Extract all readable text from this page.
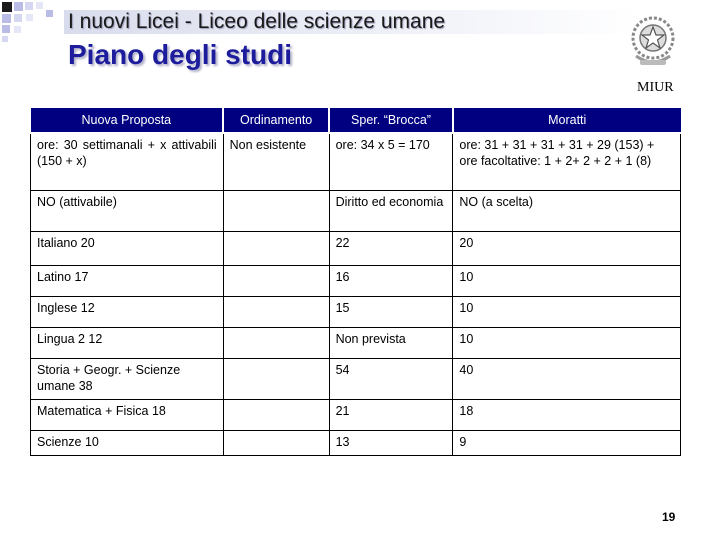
I nuovi Licei - Liceo delle scienze umane
Piano degli studi
MIUR
Nuova Proposta	Ordinamento	Sper. “Brocca”	Moratti
ore: 30 settimanali + x attivabili (150 + x)	Non esistente	ore: 34 x 5 = 170	ore: 31 + 31 + 31 + 31 + 29 (153) + ore facoltative: 1 + 2+ 2 + 2 + 1 (8)
NO (attivabile)		Diritto ed economia	NO (a scelta)
Italiano 20		22	20
Latino 17		16	10
Inglese 12		15	10
Lingua 2 12		Non prevista	10
Storia + Geogr. + Scienze umane 38		54	40
Matematica + Fisica 18		21	18
Scienze 10		13	9
19
